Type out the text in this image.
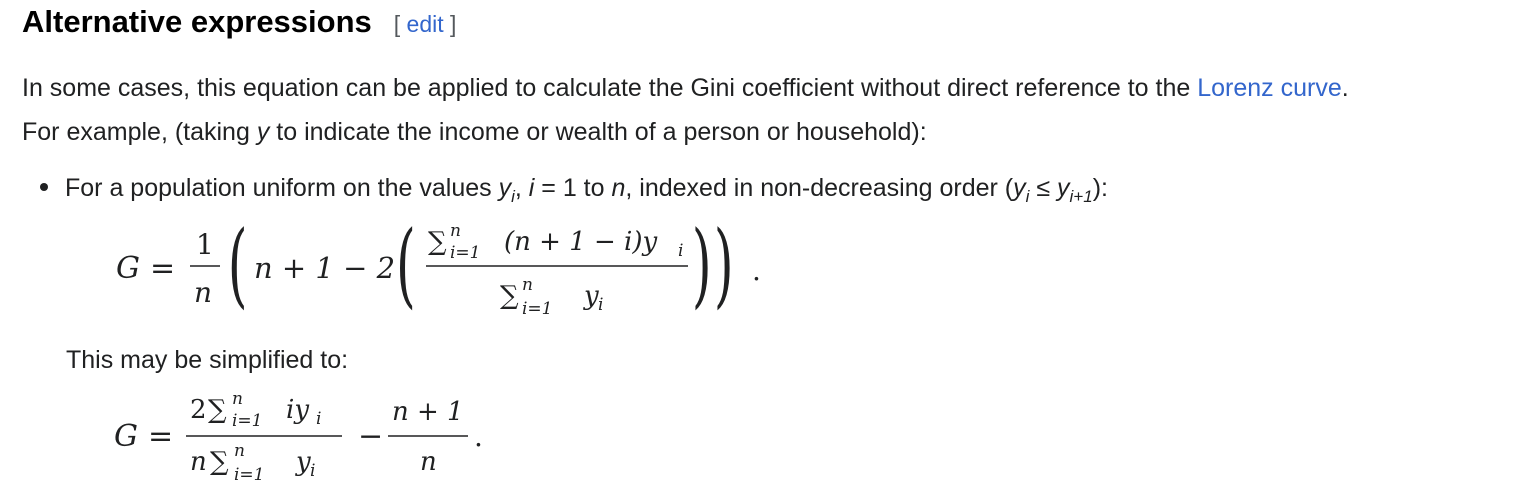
Alternative expressions [ edit ]
In some cases, this equation can be applied to calculate the Gini coefficient without direct reference to the Lorenz curve.
For example, (taking y to indicate the income or wealth of a person or household):
For a population uniform on the values $y_i$, i = 1 to n, indexed in non-decreasing order $(y_i \le y_{i+1})$:
G =
1
n ( n + 1 − 2 ( ∑ n
i=1 (n + 1 − i)y i
∑ n
i=1 y i ) ) .
This may be simplified to:
G =
2 ∑ n
i=1 iy i
n ∑ n
i=1 y i
−
n + 1
n
.
